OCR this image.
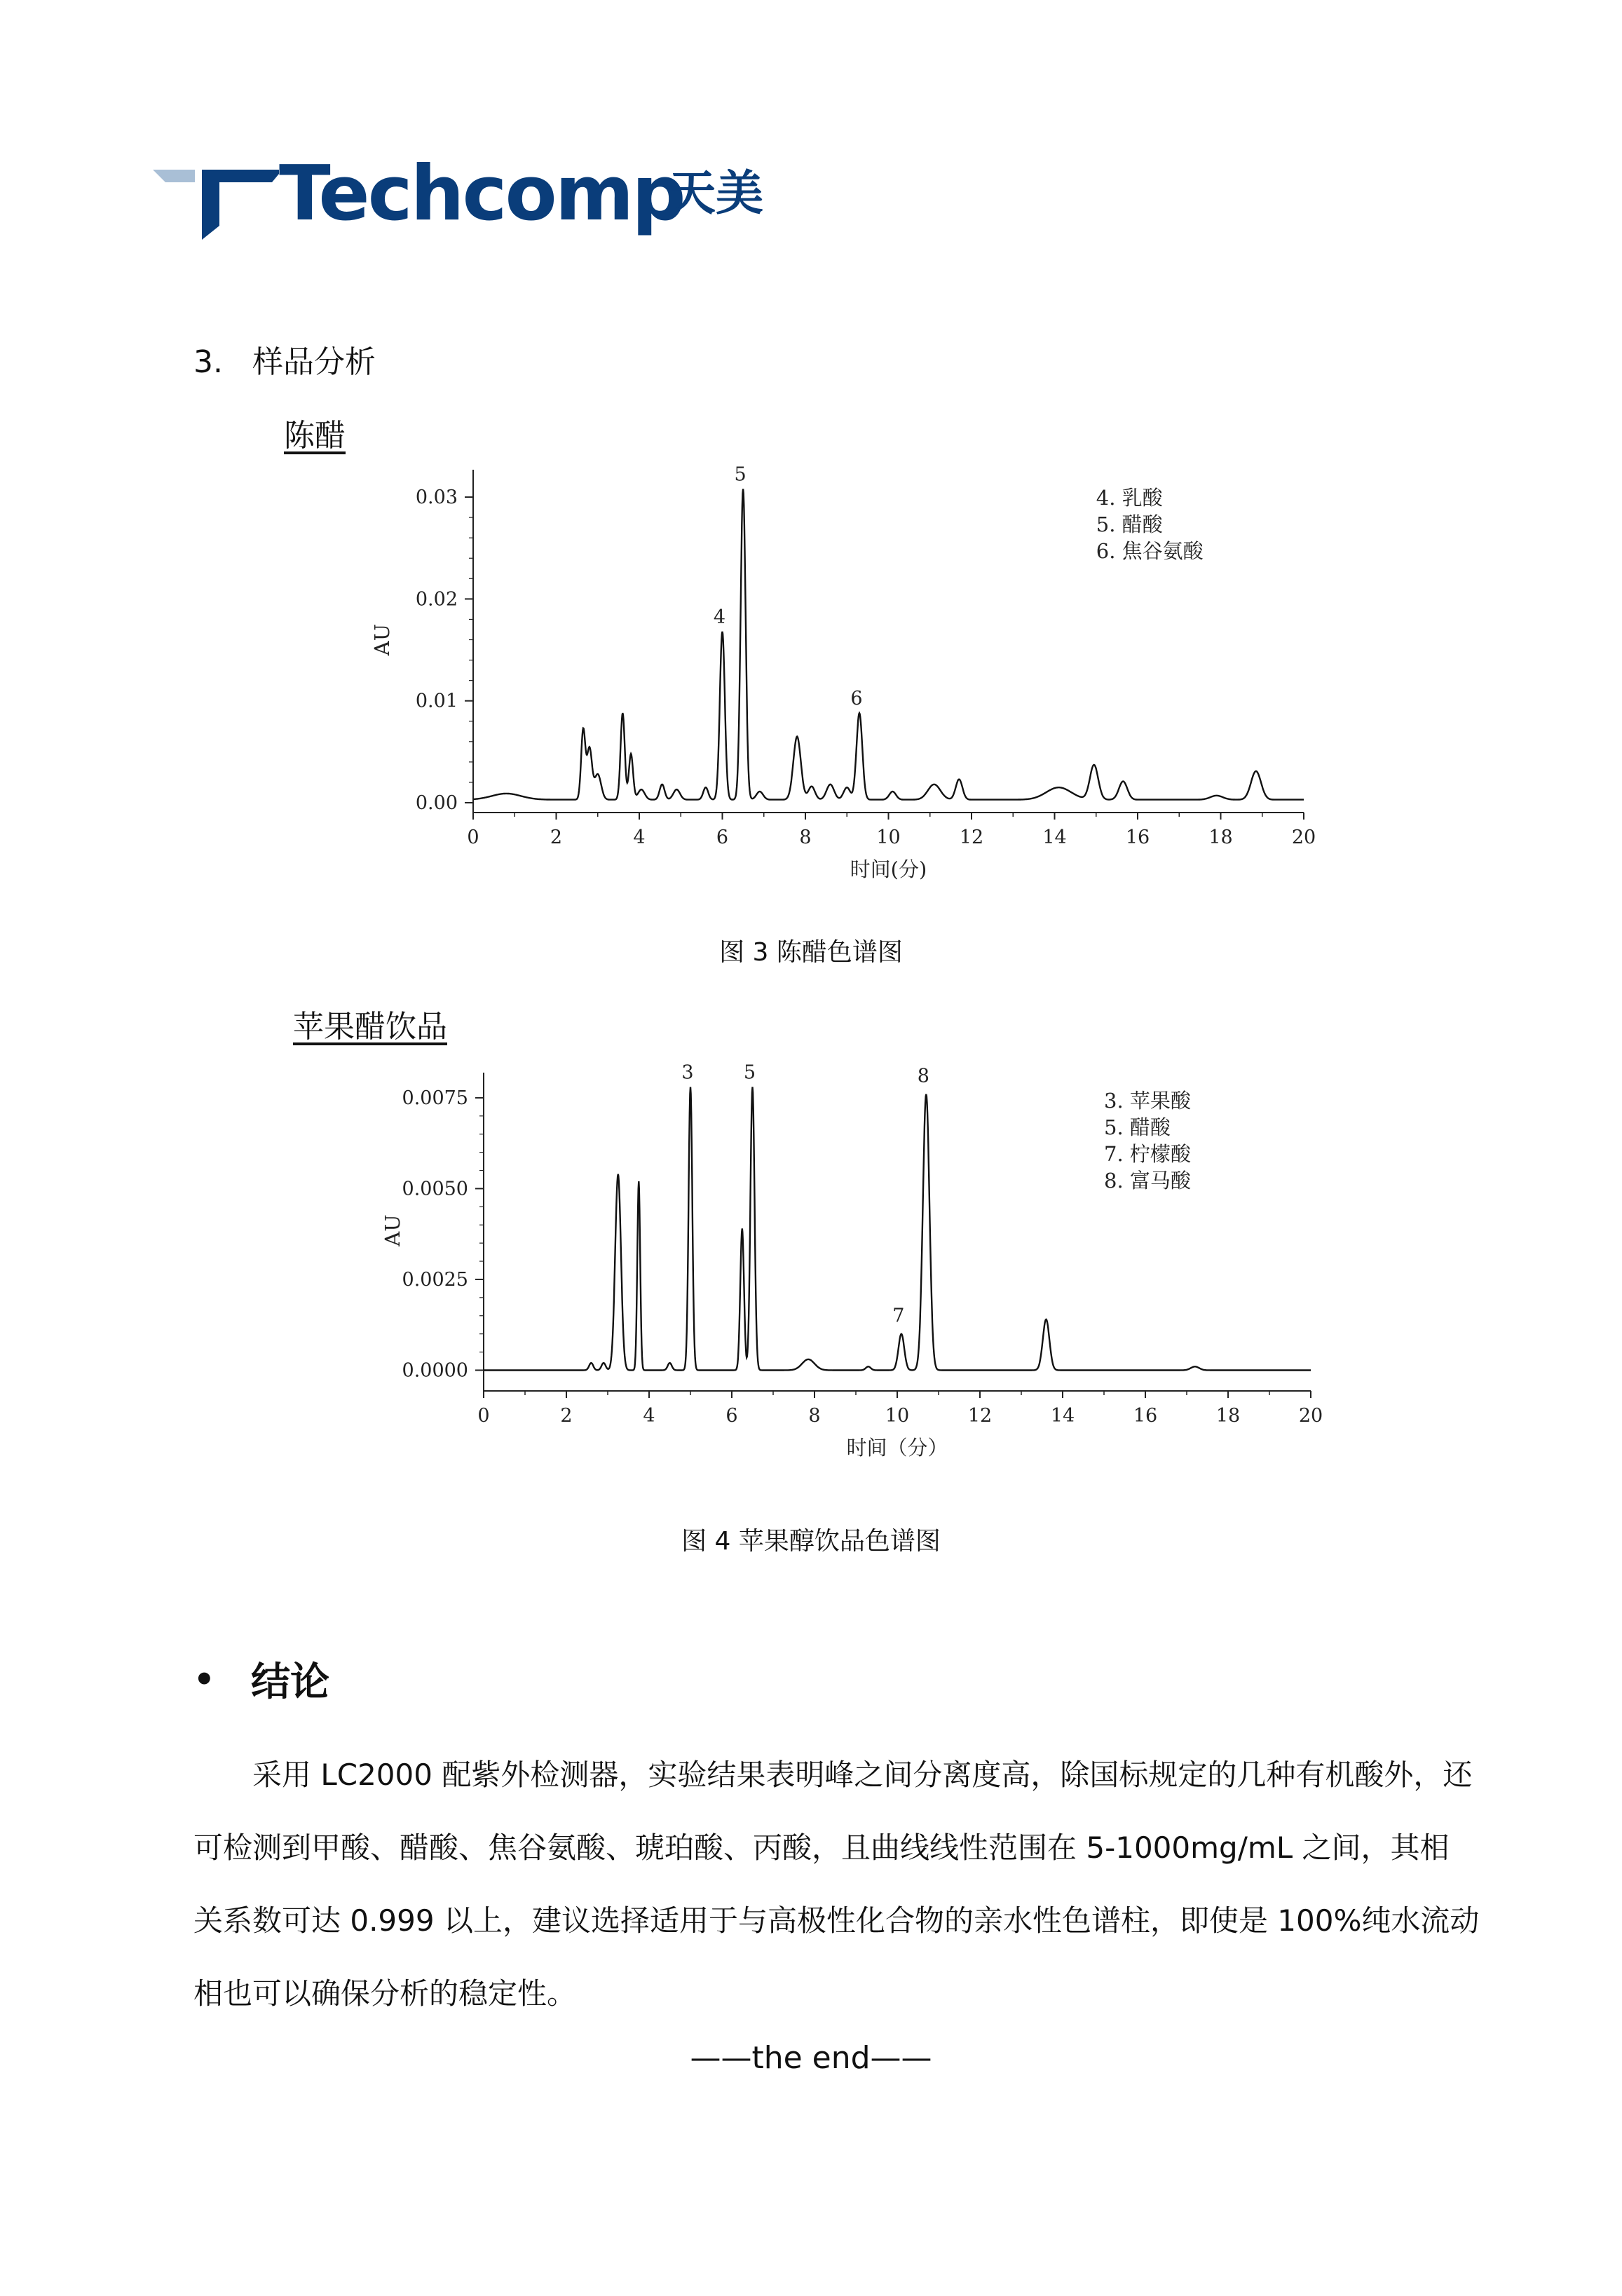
Techcomp
天美
3.   样品分析
陈醋
0	2	4	6	8	10	12	14	16	18	20
0.00
0.01
0.02
0.03
时间(分)
AU
4
5
6
4. 乳酸
5. 醋酸
6. 焦谷氨酸
图 3 陈醋色谱图
苹果醋饮品
0	2	4	6	8	10	12	14	16	18	20
0.0000
0.0025
0.0050
0.0075
时间（分）
AU
3	5
7
8
3. 苹果酸
5. 醋酸
7. 柠檬酸
8. 富马酸
图 4 苹果醇饮品色谱图
• 结论
采用 LC2000 配紫外检测器，实验结果表明峰之间分离度高，除国标规定的几种有机酸外，还
可检测到甲酸、醋酸、焦谷氨酸、琥珀酸、丙酸，且曲线线性范围在 5-1000mg/mL 之间，其相
关系数可达 0.999 以上，建议选择适用于与高极性化合物的亲水性色谱柱，即使是 100%纯水流动
相也可以确保分析的稳定性。
——the end——
